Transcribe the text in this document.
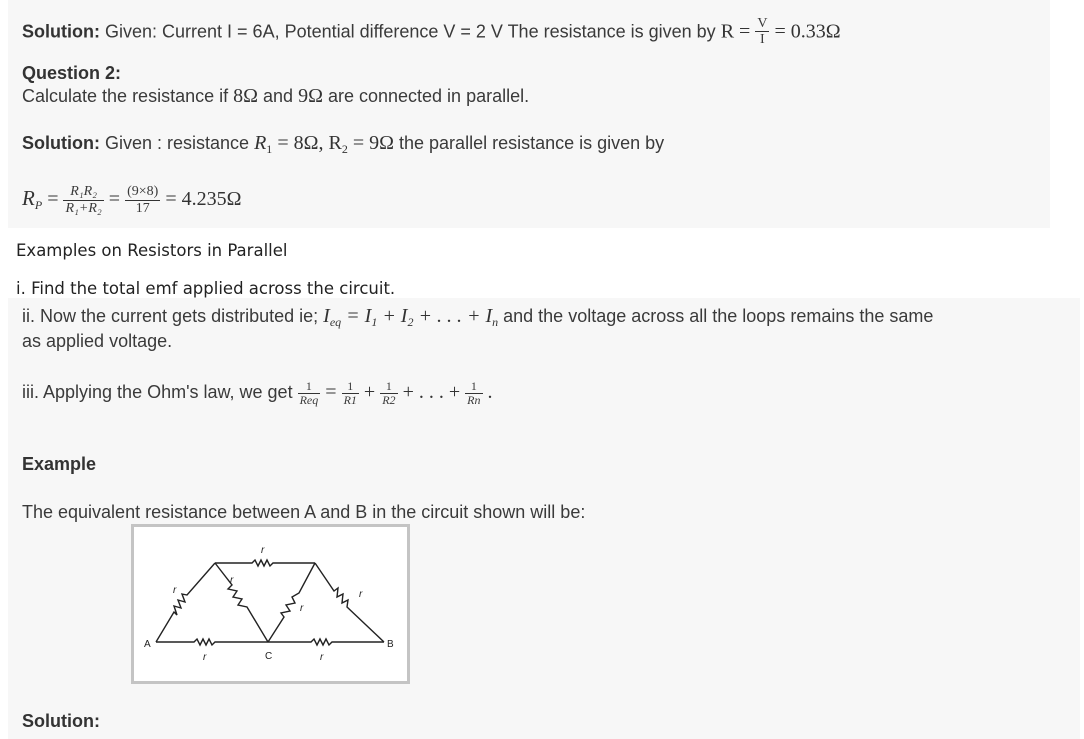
Solution: Given: Current I = 6A, Potential difference V = 2 V The resistance is given by $R = \frac{V}{I} = 0.33\Omega$
Question 2:
Calculate the resistance if 8Ω and 9Ω are connected in parallel.
Solution: Given : resistance $R_1 = 8\Omega$, $R_2 = 9\Omega$ the parallel resistance is given by
$R_P = \frac{\text{R₁R₂}}{\text{R₁+R₂}} = \frac{(9\times 8)}{17} = 4.235\Omega$
Examples on Resistors in Parallel
i. Find the total emf applied across the circuit.
ii. Now the current gets distributed ie; $I_{eq} = I_1 + I_2$ + . . . + $I_n$ and the voltage across all the loops remains the same
as applied voltage.
iii. Applying the Ohm's law, we get $\frac{1}{\text{Req}} = \frac{1}{R1} + \frac{1}{R2}$ + . . . + $\frac{1}{Rn}$ .
Example
The equivalent resistance between A and B in the circuit shown will be:
A	B
C
r
r	r
r
r
r
r
Solution:
